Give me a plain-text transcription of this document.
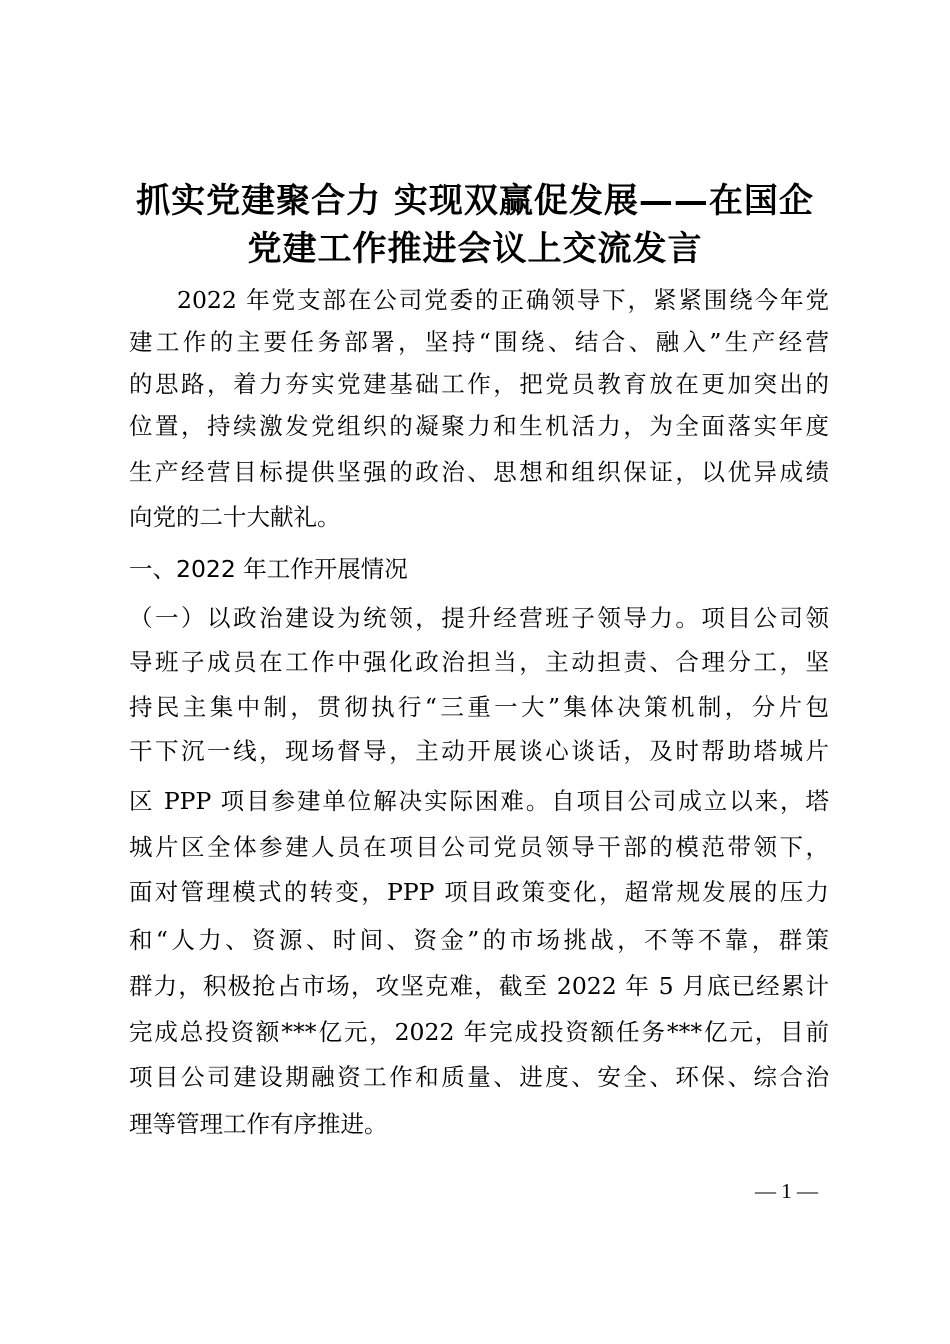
抓实党建聚合力 实现双赢促发展——在国企
党建工作推进会议上交流发言
2022 年党支部在公司党委的正确领导下，紧紧围绕今年党
建工作的主要任务部署，坚持“围绕、结合、融入”生产经营
的思路，着力夯实党建基础工作，把党员教育放在更加突出的
位置，持续激发党组织的凝聚力和生机活力，为全面落实年度
生产经营目标提供坚强的政治、思想和组织保证，以优异成绩
向党的二十大献礼。
一、2022 年工作开展情况
（一）以政治建设为统领，提升经营班子领导力。项目公司领
导班子成员在工作中强化政治担当，主动担责、合理分工，坚
持民主集中制，贯彻执行“三重一大”集体决策机制，分片包
干下沉一线，现场督导，主动开展谈心谈话，及时帮助塔城片
区 PPP 项目参建单位解决实际困难。自项目公司成立以来，塔
城片区全体参建人员在项目公司党员领导干部的模范带领下，
面对管理模式的转变，PPP 项目政策变化，超常规发展的压力
和“人力、资源、时间、资金”的市场挑战，不等不靠，群策
群力，积极抢占市场，攻坚克难，截至 2022 年 5 月底已经累计
完成总投资额***亿元，2022 年完成投资额任务***亿元，目前
项目公司建设期融资工作和质量、进度、安全、环保、综合治
理等管理工作有序推进。
— 1 —
